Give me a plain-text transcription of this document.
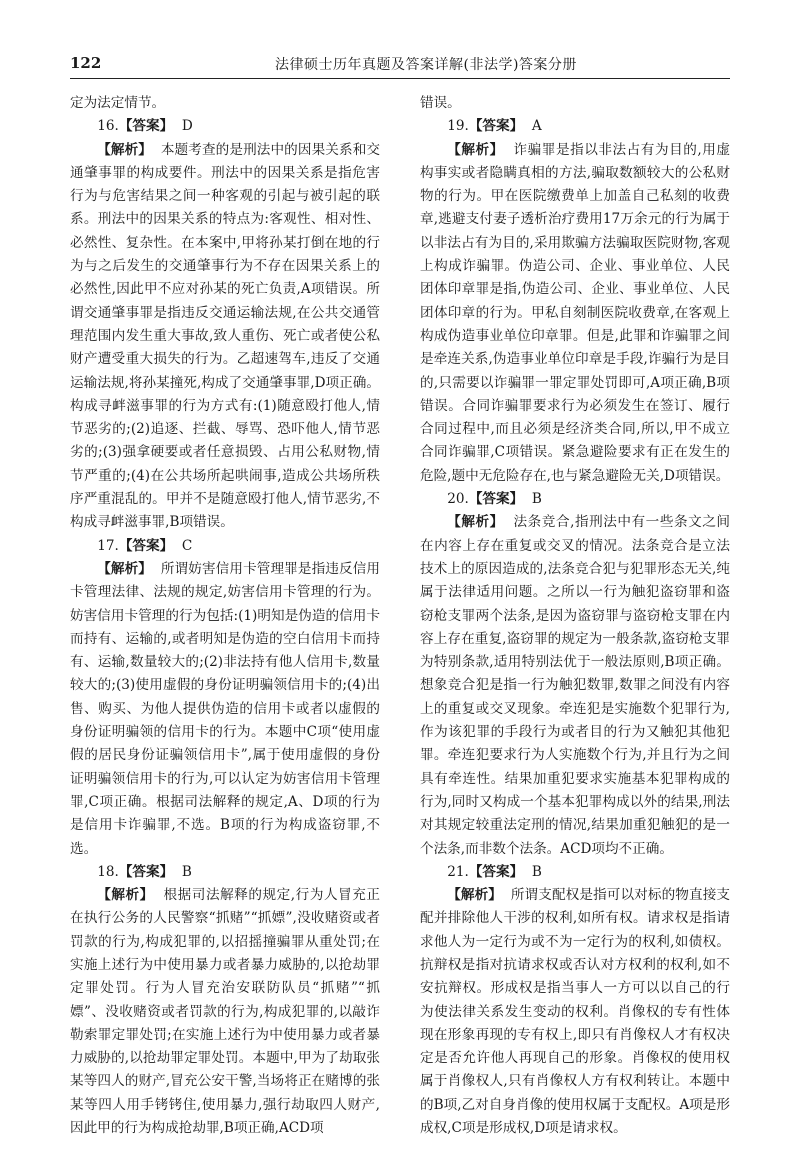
122	法律硕士历年真题及答案详解(非法学)答案分册

定为法定情节。

16.【答案】 D

【解析】 本题考查的是刑法中的因果关系和交通肇事罪的构成要件。刑法中的因果关系是指危害行为与危害结果之间一种客观的引起与被引起的联系。刑法中的因果关系的特点为:客观性、相对性、必然性、复杂性。在本案中,甲将孙某打倒在地的行为与之后发生的交通肇事行为不存在因果关系上的必然性,因此甲不应对孙某的死亡负责,A项错误。所谓交通肇事罪是指违反交通运输法规,在公共交通管理范围内发生重大事故,致人重伤、死亡或者使公私财产遭受重大损失的行为。乙超速驾车,违反了交通运输法规,将孙某撞死,构成了交通肇事罪,D项正确。构成寻衅滋事罪的行为方式有:(1)随意殴打他人,情节恶劣的;(2)追逐、拦截、辱骂、恐吓他人,情节恶劣的;(3)强拿硬要或者任意损毁、占用公私财物,情节严重的;(4)在公共场所起哄闹事,造成公共场所秩序严重混乱的。甲并不是随意殴打他人,情节恶劣,不构成寻衅滋事罪,B项错误。

17.【答案】 C

【解析】 所谓妨害信用卡管理罪是指违反信用卡管理法律、法规的规定,妨害信用卡管理的行为。妨害信用卡管理的行为包括:(1)明知是伪造的信用卡而持有、运输的,或者明知是伪造的空白信用卡而持有、运输,数量较大的;(2)非法持有他人信用卡,数量较大的;(3)使用虚假的身份证明骗领信用卡的;(4)出售、购买、为他人提供伪造的信用卡或者以虚假的身份证明骗领的信用卡的行为。本题中C项“使用虚假的居民身份证骗领信用卡”,属于使用虚假的身份证明骗领信用卡的行为,可以认定为妨害信用卡管理罪,C项正确。根据司法解释的规定,A、D项的行为是信用卡诈骗罪,不选。B项的行为构成盗窃罪,不选。

18.【答案】 B

【解析】 根据司法解释的规定,行为人冒充正在执行公务的人民警察“抓赌”“抓嫖”,没收赌资或者罚款的行为,构成犯罪的,以招摇撞骗罪从重处罚;在实施上述行为中使用暴力或者暴力威胁的,以抢劫罪定罪处罚。行为人冒充治安联防队员“抓赌”“抓嫖”、没收赌资或者罚款的行为,构成犯罪的,以敲诈勒索罪定罪处罚;在实施上述行为中使用暴力或者暴力威胁的,以抢劫罪定罪处罚。本题中,甲为了劫取张某等四人的财产,冒充公安干警,当场将正在赌博的张某等四人用手铐铐住,使用暴力,强行劫取四人财产,因此甲的行为构成抢劫罪,B项正确,ACD项

错误。

19.【答案】 A

【解析】 诈骗罪是指以非法占有为目的,用虚构事实或者隐瞒真相的方法,骗取数额较大的公私财物的行为。甲在医院缴费单上加盖自己私刻的收费章,逃避支付妻子透析治疗费用17万余元的行为属于以非法占有为目的,采用欺骗方法骗取医院财物,客观上构成诈骗罪。伪造公司、企业、事业单位、人民团体印章罪是指,伪造公司、企业、事业单位、人民团体印章的行为。甲私自刻制医院收费章,在客观上构成伪造事业单位印章罪。但是,此罪和诈骗罪之间是牵连关系,伪造事业单位印章是手段,诈骗行为是目的,只需要以诈骗罪一罪定罪处罚即可,A项正确,B项错误。合同诈骗罪要求行为必须发生在签订、履行合同过程中,而且必须是经济类合同,所以,甲不成立合同诈骗罪,C项错误。紧急避险要求有正在发生的危险,题中无危险存在,也与紧急避险无关,D项错误。

20.【答案】 B

【解析】 法条竞合,指刑法中有一些条文之间在内容上存在重复或交叉的情况。法条竞合是立法技术上的原因造成的,法条竞合犯与犯罪形态无关,纯属于法律适用问题。之所以一行为触犯盗窃罪和盗窃枪支罪两个法条,是因为盗窃罪与盗窃枪支罪在内容上存在重复,盗窃罪的规定为一般条款,盗窃枪支罪为特别条款,适用特别法优于一般法原则,B项正确。想象竞合犯是指一行为触犯数罪,数罪之间没有内容上的重复或交叉现象。牵连犯是实施数个犯罪行为,作为该犯罪的手段行为或者目的行为又触犯其他犯罪。牵连犯要求行为人实施数个行为,并且行为之间具有牵连性。结果加重犯要求实施基本犯罪构成的行为,同时又构成一个基本犯罪构成以外的结果,刑法对其规定较重法定刑的情况,结果加重犯触犯的是一个法条,而非数个法条。ACD项均不正确。

21.【答案】 B

【解析】 所谓支配权是指可以对标的物直接支配并排除他人干涉的权利,如所有权。请求权是指请求他人为一定行为或不为一定行为的权利,如债权。抗辩权是指对抗请求权或否认对方权利的权利,如不安抗辩权。形成权是指当事人一方可以以自己的行为使法律关系发生变动的权利。肖像权的专有性体现在形象再现的专有权上,即只有肖像权人才有权决定是否允许他人再现自己的形象。肖像权的使用权属于肖像权人,只有肖像权人方有权利转让。本题中的B项,乙对自身肖像的使用权属于支配权。A项是形成权,C项是形成权,D项是请求权。
